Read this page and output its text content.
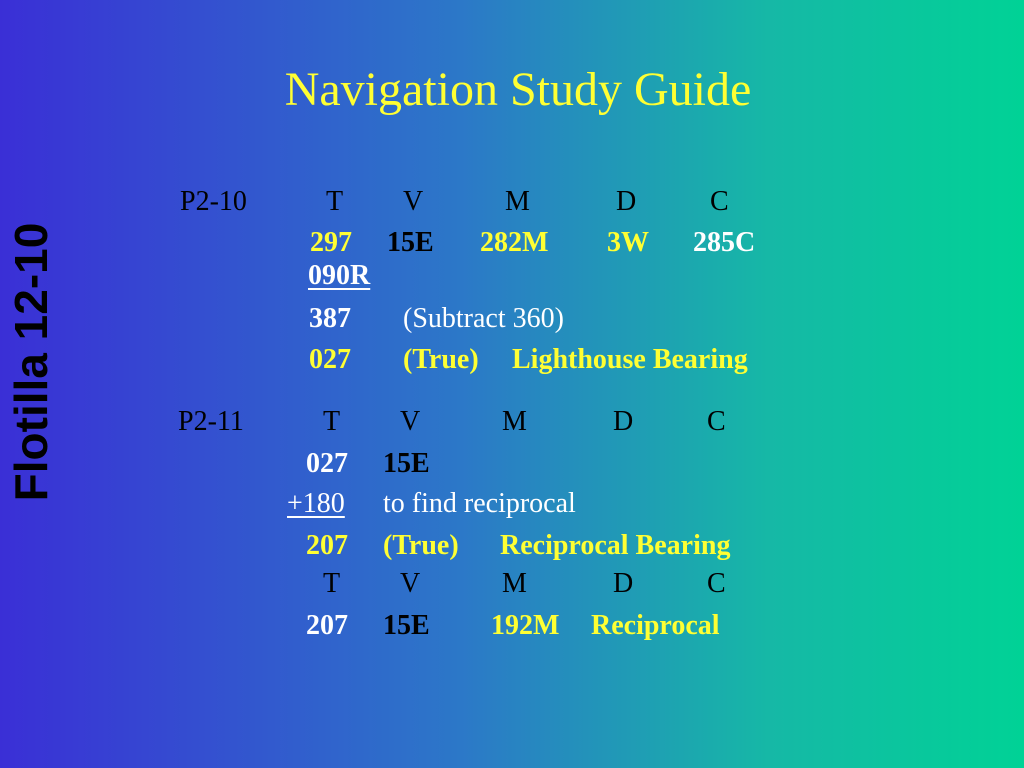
Navigation Study Guide
Flotilla 12-10
P2-10	T V	M	D	C
297 15E 282M 3W 285C
090R
387 (Subtract 360)
027 (True) Lighthouse Bearing
P2-11	T V	M	D	C
027 15E
+180 to find reciprocal
207 (True) Reciprocal Bearing
T V	M	D	C
207 15E 192M Reciprocal
